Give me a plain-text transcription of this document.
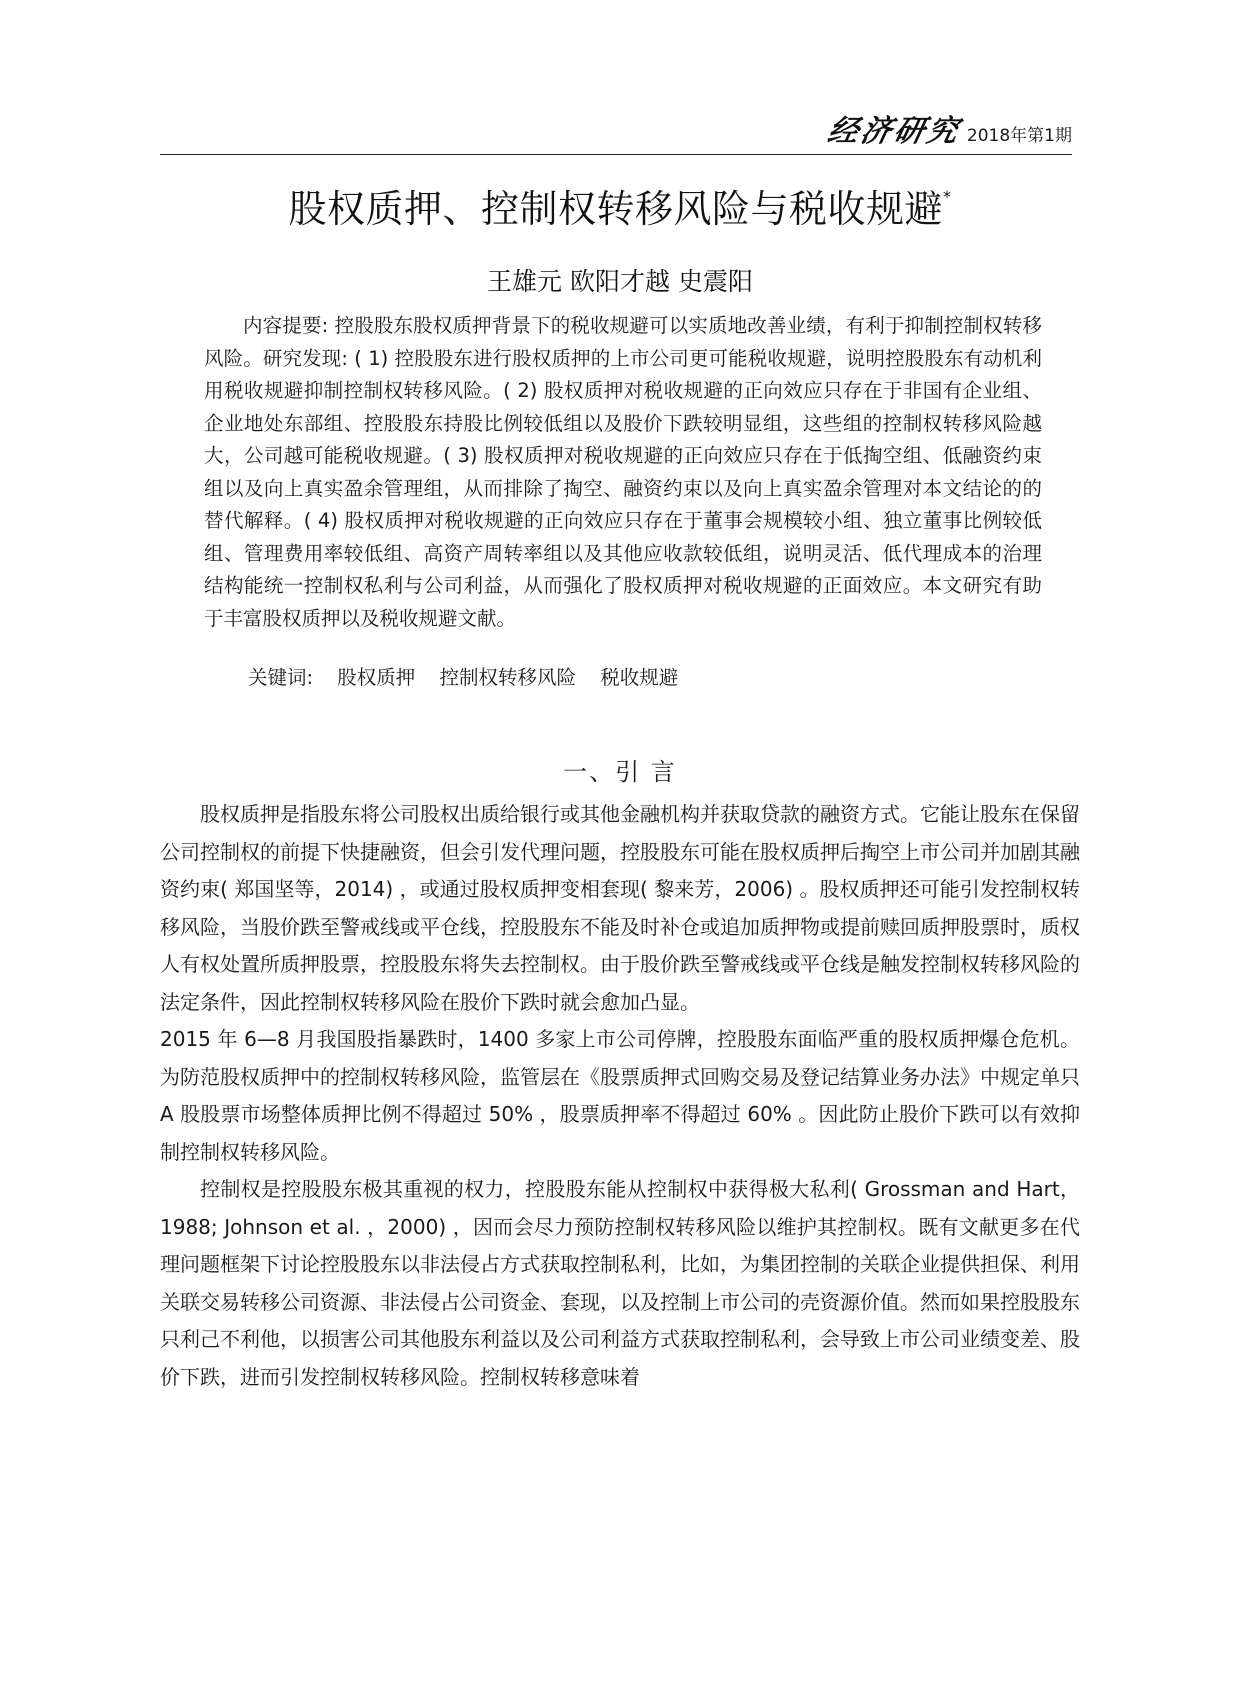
经济研究 2018年第1期
股权质押、控制权转移风险与税收规避*
王雄元 欧阳才越 史震阳
内容提要: 控股股东股权质押背景下的税收规避可以实质地改善业绩，有利于抑制控制权转移风险。研究发现: ( 1) 控股股东进行股权质押的上市公司更可能税收规避，说明控股股东有动机利用税收规避抑制控制权转移风险。( 2) 股权质押对税收规避的正向效应只存在于非国有企业组、企业地处东部组、控股股东持股比例较低组以及股价下跌较明显组，这些组的控制权转移风险越大，公司越可能税收规避。( 3) 股权质押对税收规避的正向效应只存在于低掏空组、低融资约束组以及向上真实盈余管理组，从而排除了掏空、融资约束以及向上真实盈余管理对本文结论的的替代解释。( 4) 股权质押对税收规避的正向效应只存在于董事会规模较小组、独立董事比例较低组、管理费用率较低组、高资产周转率组以及其他应收款较低组，说明灵活、低代理成本的治理结构能统一控制权私利与公司利益，从而强化了股权质押对税收规避的正面效应。本文研究有助于丰富股权质押以及税收规避文献。
关键词: 股权质押 控制权转移风险 税收规避
一、引 言

股权质押是指股东将公司股权出质给银行或其他金融机构并获取贷款的融资方式。它能让股东在保留公司控制权的前提下快捷融资，但会引发代理问题，控股股东可能在股权质押后掏空上市公司并加剧其融资约束( 郑国坚等，2014) ，或通过股权质押变相套现( 黎来芳，2006) 。股权质押还可能引发控制权转移风险，当股价跌至警戒线或平仓线，控股股东不能及时补仓或追加质押物或提前赎回质押股票时，质权人有权处置所质押股票，控股股东将失去控制权。由于股价跌至警戒线或平仓线是触发控制权转移风险的法定条件，因此控制权转移风险在股价下跌时就会愈加凸显。

2015 年 6—8 月我国股指暴跌时，1400 多家上市公司停牌，控股股东面临严重的股权质押爆仓危机。为防范股权质押中的控制权转移风险，监管层在《股票质押式回购交易及登记结算业务办法》中规定单只 A 股股票市场整体质押比例不得超过 50% ，股票质押率不得超过 60% 。因此防止股价下跌可以有效抑制控制权转移风险。

控制权是控股股东极其重视的权力，控股股东能从控制权中获得极大私利( Grossman and Hart，1988; Johnson et al. ，2000) ，因而会尽力预防控制权转移风险以维护其控制权。既有文献更多在代理问题框架下讨论控股股东以非法侵占方式获取控制私利，比如，为集团控制的关联企业提供担保、利用关联交易转移公司资源、非法侵占公司资金、套现，以及控制上市公司的壳资源价值。然而如果控股股东只利己不利他，以损害公司其他股东利益以及公司利益方式获取控制私利，会导致上市公司业绩变差、股价下跌，进而引发控制权转移风险。控制权转移意味着
